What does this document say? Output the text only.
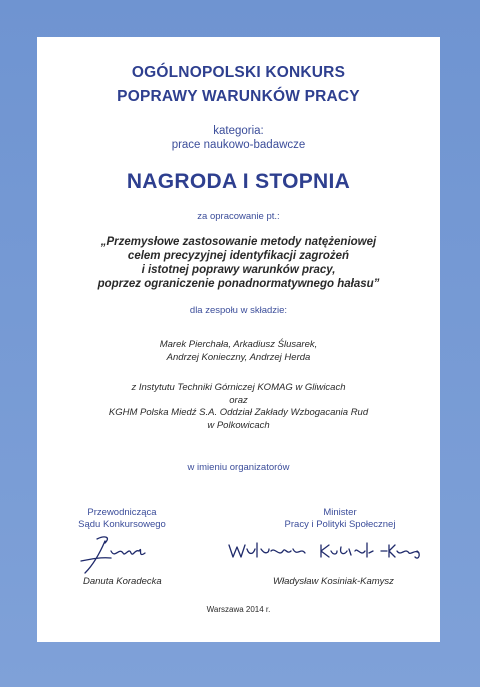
OGÓLNOPOLSKI KONKURS
POPRAWY WARUNKÓW PRACY
kategoria:
prace naukowo-badawcze
NAGRODA I STOPNIA
za opracowanie pt.:
„Przemysłowe zastosowanie metody natężeniowej
celem precyzyjnej identyfikacji zagrożeń
i istotnej poprawy warunków pracy,
poprzez ograniczenie ponadnormatywnego hałasu”
dla zespołu w składzie:
Marek Pierchała, Arkadiusz Ślusarek,
Andrzej Konieczny, Andrzej Herda
z Instytutu Techniki Górniczej KOMAG w Gliwicach
oraz
KGHM Polska Miedź S.A. Oddział Zakłady Wzbogacania Rud
w Polkowicach
w imieniu organizatorów
Przewodnicząca
Sądu Konkursowego
Danuta Koradecka
Minister
Pracy i Polityki Społecznej
Władysław Kosiniak-Kamysz
Warszawa 2014 r.
